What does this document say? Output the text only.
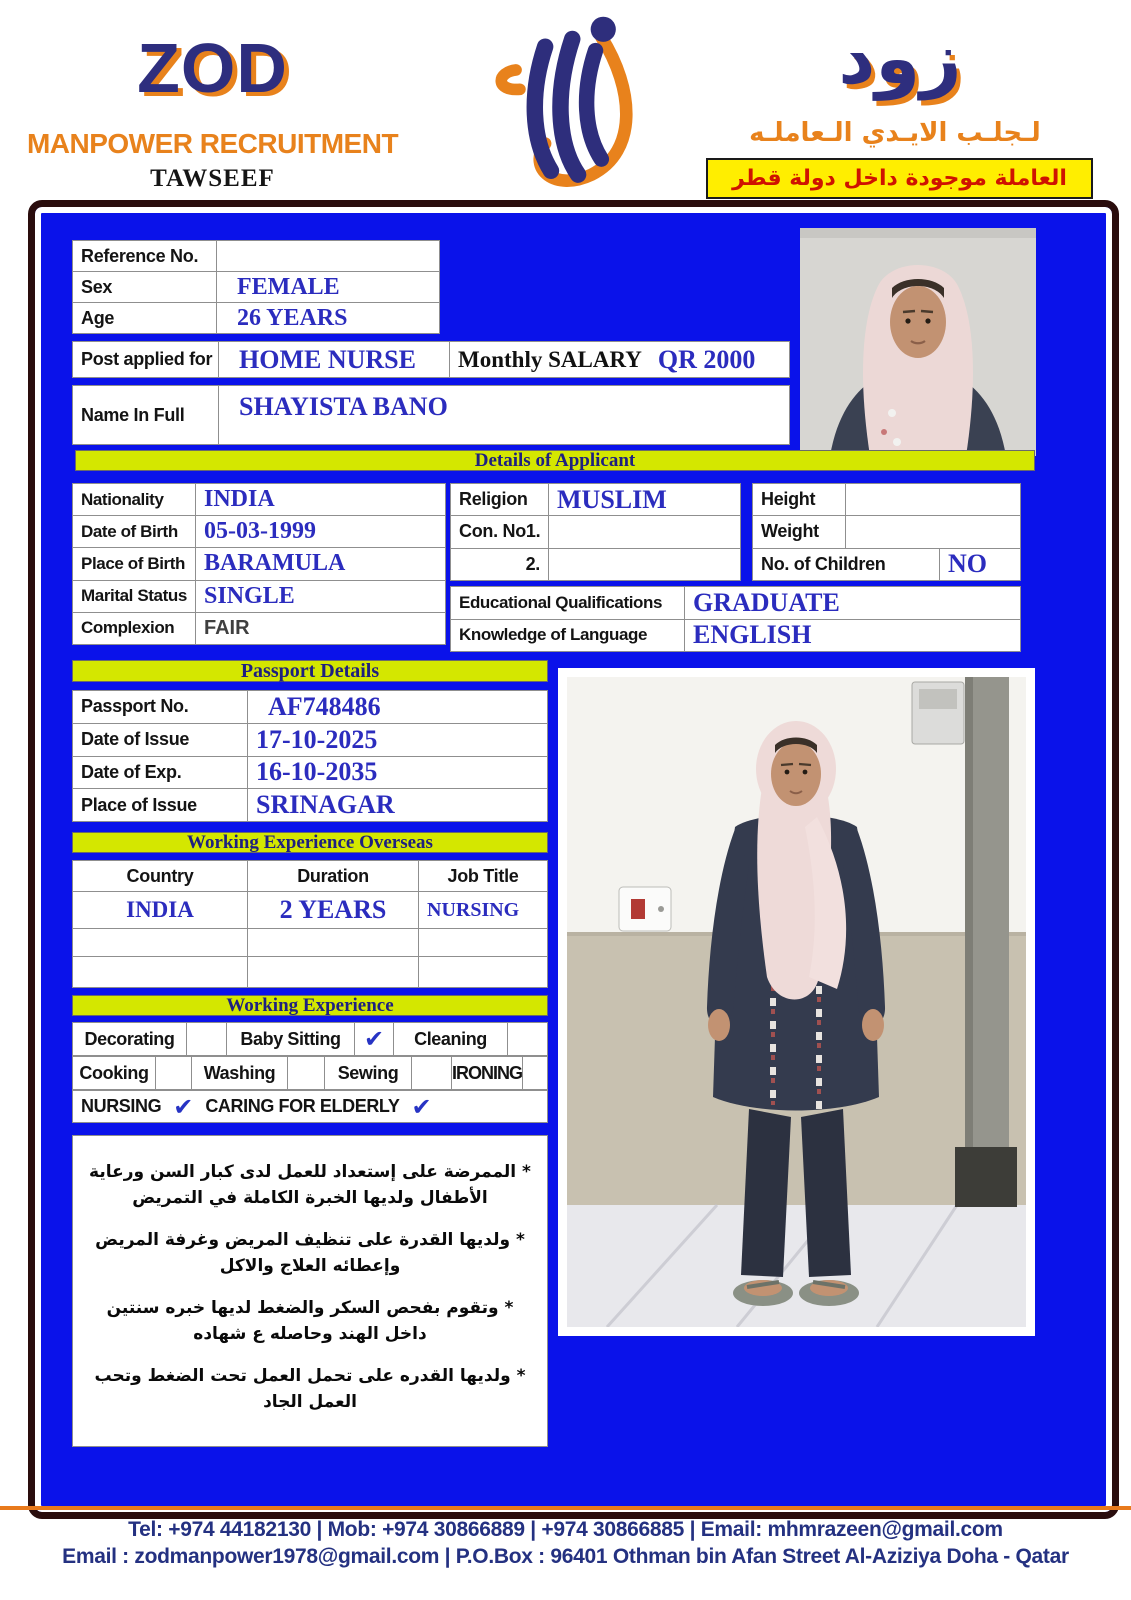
ZOD
MANPOWER RECRUITMENT
TAWSEEF
زود
لـجلـب الايـدي الـعاملـه
العاملة موجودة داخل دولة قطر
Reference No.
Sex	FEMALE
Age	26 YEARS
Post applied for	HOME NURSE	Monthly SALARY QR 2000
Name In Full	SHAYISTA BANO
Details of Applicant
Nationality	INDIA
Date of Birth	05-03-1999
Place of Birth BARAMULA
Marital Status SINGLE
Complexion	FAIR
Religion	MUSLIM
Con. No1.
2.
Height
Weight
No. of Children	NO
Educational Qualifications	GRADUATE
Knowledge of Language	ENGLISH
Passport Details
Passport No.	AF748486
Date of Issue	17-10-2025
Date of Exp.	16-10-2035
Place of Issue	SRINAGAR
Working Experience Overseas
Country	Duration	Job Title
INDIA	2 YEARS	NURSING
Working Experience
Decorating	Baby Sitting ✔	Cleaning
Cooking	Washing	Sewing	IRONING
NURSING ✔ CARING FOR ELDERLY ✔

* الممرضة على إستعداد للعمل لدى كبار السن ورعاية الأطفال ولديها الخبرة الكاملة في التمريض

* ولديها القدرة على تنظيف المريض وغرفة المريض وإعطائه العلاج والاكل

* وتقوم بفحص السكر والضغط لديها خبره سنتين داخل الهند وحاصله ع شهاده

* ولديها القدره على تحمل العمل تحت الضغط وتحب العمل الجاد

Tel: +974 44182130 | Mob: +974 30866889 | +974 30866885 | Email: mhmrazeen@gmail.com
Email : zodmanpower1978@gmail.com | P.O.Box : 96401 Othman bin Afan Street Al-Aziziya Doha - Qatar
